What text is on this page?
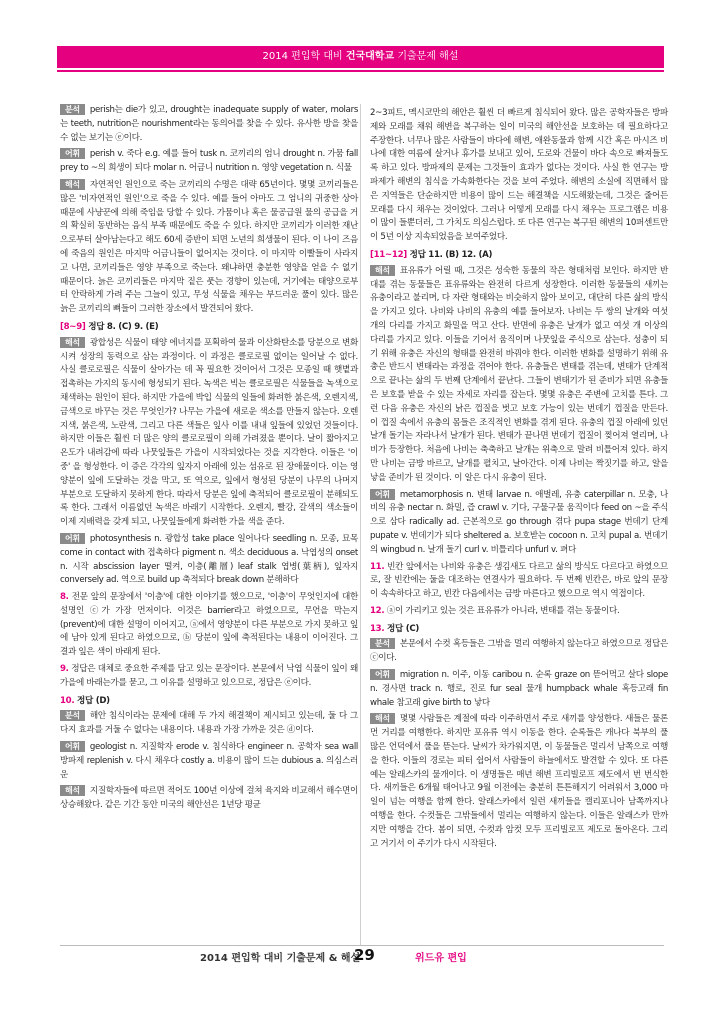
2014 편입학 대비 건국대학교 기출문제 해설
분석 perish는 die가 있고, drought는 inadequate supply of water, molars는 teeth, nutrition은 nourishment라는 동의어를 찾을 수 있다. 유사한 방을 찾을 수 없는 보기는 ⓔ이다.
어휘 perish v. 죽다 e.g. 예를 들어 tusk n. 코끼리의 엄니 drought n. 가뭄 fall prey to ~의 희생이 되다 molar n. 어금니 nutrition n. 영양 vegetation n. 식물
해석 자연적인 원인으로 죽는 코끼리의 수명은 대략 65년이다. 몇몇 코끼리들은 많은 '비자연적인 원인'으로 죽을 수 있다. 예를 들어 아마도 그 엄니의 귀중한 상아 때문에 사냥꾼에 의해 죽임을 당할 수 있다. 가뭄이나 혹은 물공급원 물의 공급을 거의 확실히 동반하는 음식 부족 때문에도 죽을 수 있다. 하지만 코끼리가 이러한 재난으로부터 살아남는다고 해도 60세 증반이 되면 노년의 희생물이 된다. 이 나이 즈음에 죽음의 원인은 마지막 어금니들이 없어지는 것이다. 이 마지막 이빨들이 사라지고 나면, 코끼리들은 영양 부족으로 죽는다. 왜냐하면 충분한 영양을 얻을 수 없기 때문이다. 늙은 코끼리들은 마지막 짙은 풋는 경향이 있는데, 거기에는 태양으로부터 안락하게 가려 주는 그늘이 있고, 무성 식물을 채우는 부드러운 풀이 있다. 많은 늙은 코끼리의 뼈들이 그러한 장소에서 발견되어 왔다.
[8~9] 정답 8. (C) 9. (E)
해석 광합성은 식물이 태양 에너지를 포획하여 물과 이산화탄소를 당분으로 변화시켜 성장의 동력으로 삼는 과정이다. 이 과정은 클로로필 없이는 일어날 수 없다. 사실 클로로필은 식물이 살아가는 데 꼭 필요한 것이어서 그것은 모종일 때 햇볕과 접촉하는 가지의 동시에 형성되기 된다. 녹색은 빅는 클로로필은 식물들을 녹색으로 채색하는 원인이 된다. 하지만 가을에 박입 식물의 일들에 화려한 붉은색, 오렌지색, 금색으로 바꾸는 것은 무엇인가? 나무는 가을에 새로운 색소를 만들지 않는다. 오렌지색, 붉은색, 노란색, 그리고 다른 색들은 잎사 이를 내내 잎들에 있었던 것들이다. 하지만 이들은 훨씬 더 많은 양의 클로로필이 의해 가려졌을 뿐이다. 날이 짧아지고 온도가 내려감에 따라 나뭇잎들은 가을이 시작되었다는 것을 지각한다. 이들은 '이중' 을 형성한다. 이 증은 각각의 잎자지 아래에 있는 섬유로 된 장애물이다. 이는 영양분이 잎에 도달하는 것을 막고, 또 역으로, 잎에서 형성된 당분이 나무의 나머지 부분으로 도달하지 못하게 한다. 따라서 당분은 잎에 축적되어 클로로필이 분해되도록 한다. 그래서 이름없던 녹색은 바래기 시작한다. 오렌지, 빨강, 갈색의 색소들이 이제 지배력을 갖게 되고, 나뭇잎들에게 화려한 가을 색을 준다.
어휘 photosynthesis n. 광합성 take place 일어나다 seedling n. 모종, 묘목 come in contact with 접촉하다 pigment n. 색소 deciduous a. 낙엽성의 onset n. 시작 abscission layer 떨켜, 이층(離層) leaf stalk 엽병(葉柄), 잎자지 conversely ad. 역으로 build up 축적되다 break down 분해하다
8. 전문 앞의 문장에서 '이층'에 대한 이야기를 했으므로, '이층'이 무엇인지에 대한 설명인 ⓒ가 가장 먼저이다. 이것은 barrier라고 하였으므로, 무언을 막는지(prevent)에 대한 설명이 이어지고, ⓐ에서 영양분이 다른 부분으로 가지 못하고 잎에 남아 있게 된다고 하였으므로, ⓑ 당분이 잎에 축적된다는 내용이 이어진다. 그 결과 잎은 색이 바래게 된다.
9. 정답은 대체로 중요한 주제를 담고 있는 문장이다. 본문에서 낙엽 식물이 잎이 왜 가을에 바래는가를 묻고, 그 이유를 설명하고 있으므로, 정답은 ⓔ이다.
10. 정답 (D)
분석 해안 침식이라는 문제에 대해 두 가지 해결책이 제시되고 있는데, 둘 다 그다지 효과를 거둘 수 없다는 내용이다. 내용과 가장 가까운 것은 ⓓ이다.
어휘 geologist n. 지질학자 erode v. 침식하다 engineer n. 공학자 sea wall 방파제 replenish v. 다시 채우다 costly a. 비용이 많이 드는 dubious a. 의심스러운
해석 지질학자들에 따르면 적어도 100년 이상에 걸쳐 육지와 비교해서 해수면이 상승해왔다. 같은 기간 동안 미국의 해안선은 1년당 평균
2~3피트, 멕시코만의 해안은 훨씬 더 빠르게 침식되어 왔다. 많은 공학자들은 방파제와 모래를 채워 해변을 복구하는 일이 미국의 해안선을 보호하는 데 필요하다고 주장한다. 너무나 많은 사람들이 바다에 해변, 애완동물과 함께 시간 혹은 마시즈 비나에 대한 여름에 살거나 휴가를 보내고 있어, 도로와 건물이 바다 속으로 빠져들도록 하고 있다. 방파제의 문제는 그것들이 효과가 없다는 것이다. 사실 한 연구는 방파제가 해변의 침식을 가속화한다는 것을 보여 주었다. 해변의 소실에 직면해서 많은 지역들은 단순하지만 비용이 많이 드는 해결책을 시도해왔는데, 그것은 줄어든 모래를 다시 채우는 것이었다. 그러나 어떻게 모래를 다시 채우는 프로그램은 비용이 많이 들뿐더러, 그 가치도 의심스럽다. 또 다른 연구는 복구된 해변의 10퍼센트만이 5년 이상 지속되었음을 보여주었다.
[11~12] 정답 11. (B) 12. (A)
해석 표유류가 어릴 때, 그것은 성숙한 동물의 작은 형태처럼 보인다. 하지만 반대를 겪는 동물들은 표유류와는 완전히 다르게 성장한다. 이러한 동물들의 새끼는 유충이라고 불리며, 다 자란 형태와는 비슷하지 않아 보이고, 대단히 다른 삶의 방식을 가지고 있다. 나비와 나비의 유충의 예를 들어보자. 나비는 두 쌍의 날개와 여섯 개의 다리를 가지고 화밀을 먹고 산다. 반면에 유충은 날개가 없고 여섯 개 이상의 다리를 가지고 있다. 이들을 기어서 움직이며 나뭇잎을 주식으로 삼는다. 성충이 되기 위해 유충은 자신의 형태를 완전히 바꿔야 한다. 이러한 변화를 설명하기 위해 유충은 반드시 변태라는 과정을 겪어야 한다. 유충들은 변태를 겪는데, 변태가 단계적으로 끝나는 삶의 두 번째 단계에서 끝난다. 그들이 변태기가 된 준비가 되면 유충들은 보호를 받을 수 있는 자세로 자리를 잡는다. 몇몇 유충은 주변에 고치를 튼다. 그런 다음 유충은 자신의 낡은 껍질을 벗고 보호 가능이 있는 번데기 껍질을 만든다. 이 껍질 속에서 유충의 몸들은 조직적인 변화를 겪게 된다. 유충의 껍질 아래에 있던 날개 돌기는 자라나서 날개가 된다. 변태가 끝나면 번데기 껍질이 찢어져 열리며, 나비가 등장한다. 처음에 나비는 축축하고 날개는 위축으로 말려 비틀어져 있다. 하지만 나비는 금방 바르고, 날개를 펼치고, 날아간다. 이제 나비는 짝짓기를 하고, 알을 낳을 준비가 된 것이다. 이 알은 다시 유충이 된다.
어휘 metamorphosis n. 변태 larvae n. 애벌레, 유충 caterpillar n. 모충, 나비의 유충 nectar n. 화밀, 즙 crawl v. 기다, 구물구물 움직이다 feed on ~을 주식으로 삼다 radically ad. 근본적으로 go through 겪다 pupa stage 번데기 단계 pupate v. 번데기가 되다 sheltered a. 보호받는 cocoon n. 고치 pupal a. 번데기의 wingbud n. 날개 돌기 curl v. 비틀리다 unfurl v. 펴다
11. 빈칸 앞에서는 나비와 유충은 생김새도 다르고 삶의 방식도 다르다고 하였으므로, 잘 빈칸에는 둘을 대조하는 연결사가 필요하다. 두 번째 빈칸은, 바로 앞의 문장이 속속하다고 하고, 빈칸 다음에서는 금방 마른다고 했으므로 역시 역접이다.
12. ⓐ이 가리키고 있는 것은 표유류가 아니라, 변태를 겪는 동물이다.
13. 정답 (C)
분석 본문에서 수컷 혹등들은 그밖을 멀리 여행하지 않는다고 하였으므로 정답은 ⓒ이다.
어휘 migration n. 이주, 이동 caribou n. 순록 graze on 뜯어먹고 살다 slope n. 경사면 track n. 행로, 진로 fur seal 물개 humpback whale 혹등고래 fin whale 참고래 give birth to 낳다
해석 몇몇 사람들은 계절에 따라 이주하면서 주로 새끼를 양성한다. 새들은 물론 먼 거리를 여행한다. 하지만 포유류 역시 이동을 한다. 순록들은 캐나다 북부의 풀 많은 언덕에서 풀을 뜯는다. 날씨가 차가워지면, 이 동물들은 멀리서 남쪽으로 여행을 한다. 이들의 경로는 피터 쉽어서 사람들이 하늘에서도 발견할 수 있다. 또 다른 예는 알래스카의 물개이다. 이 생명들은 매년 해변 프리빌로프 제도에서 번 번식한다. 새끼들은 6개월 태어나고 9월 이전에는 충분히 튼튼해지기 어려워서 3,000 마일이 넘는 여행을 함께 한다. 알래스카에서 일런 새끼들을 캘리포니아 남쪽까지나 여행을 한다. 수컷들은 그밖들에서 멀리는 여행하지 않는다. 이들은 알래스카 만까지만 여행을 간다. 봄이 되면, 수컷과 암컷 모두 프리빌로프 제도로 돌아온다. 그리고 거기서 이 주기가 다시 시작된다.
2014 편입학 대비 기출문제 & 해설
29	위드유 편입
